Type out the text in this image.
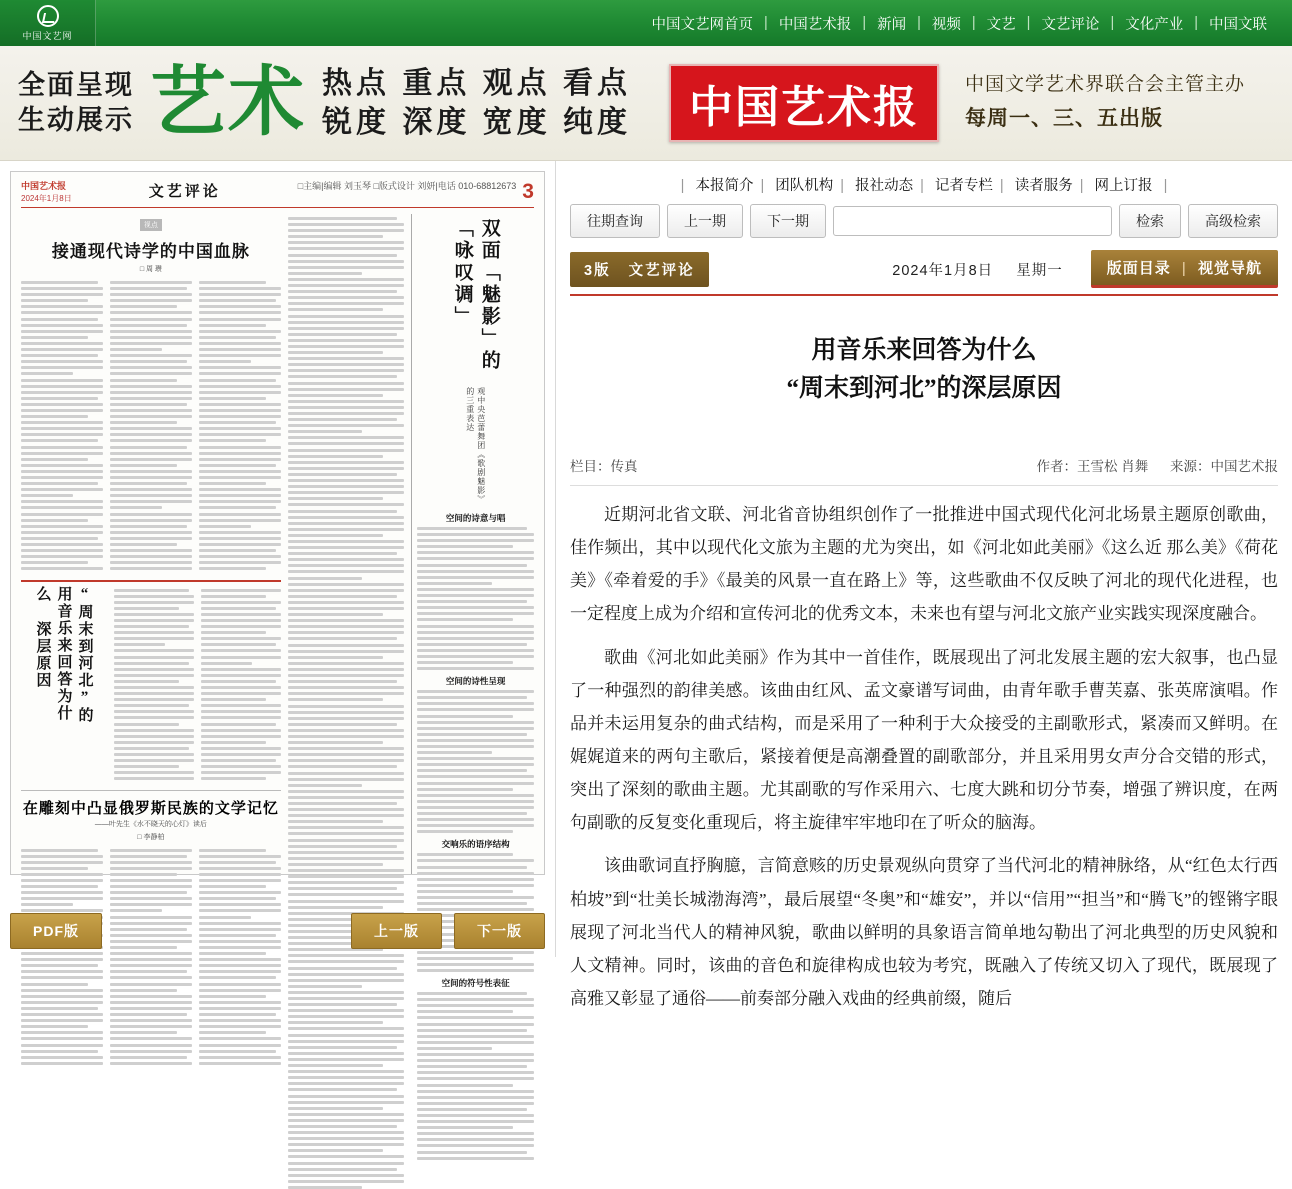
中国文艺网
中国文艺网首页 | 中国艺术报 | 新闻 | 视频 | 文艺 | 文艺评论 | 文化产业 | 中国文联
全面呈现
生动展示 艺术 热点 重点 观点 看点
锐度 深度 宽度 纯度	中国艺术报	中国文学艺术界联合会主管主办
每周一、三、五出版
中国艺术报
2024年1月8日	文艺评论	□主编|编辑 刘玉琴 □版式设计 刘妍|电话 010-68812673 3
视点
接通现代诗学的中国血脉
□ 周 瓒
“周末到河北”的 用音乐来回答为什么 深层原因
在雕刻中凸显俄罗斯民族的文学记忆
——叶先生《水不晓天的心灯》读后
□ 李静柏
双面「魅影」的「咏叹调」
观中央芭蕾舞团《歌剧魅影》的三重表达
空间的诗意与唱
空间的诗性呈现
交响乐的语序结构
空间的符号性表征
PDF版	上一版	下一版
| 本报简介 | 团队机构 | 报社动态 | 记者专栏 | 读者服务 | 网上订报 |
往期查询	上一期	下一期	检索	高级检索
3版 文艺评论	2024年1月8日 星期一	版面目录 | 视觉导航
用音乐来回答为什么
“周末到河北”的深层原因
栏目：传真	作者：王雪松 肖舞 来源：中国艺术报

近期河北省文联、河北省音协组织创作了一批推进中国式现代化河北场景主题原创歌曲，佳作频出，其中以现代化文旅为主题的尤为突出，如《河北如此美丽》《这么近 那么美》《荷花美》《牵着爱的手》《最美的风景一直在路上》等，这些歌曲不仅反映了河北的现代化进程，也一定程度上成为介绍和宣传河北的优秀文本，未来也有望与河北文旅产业实践实现深度融合。

歌曲《河北如此美丽》作为其中一首佳作，既展现出了河北发展主题的宏大叙事，也凸显了一种强烈的韵律美感。该曲由红风、孟文豪谱写词曲，由青年歌手曹芙嘉、张英席演唱。作品并未运用复杂的曲式结构，而是采用了一种利于大众接受的主副歌形式，紧凑而又鲜明。在娓娓道来的两句主歌后，紧接着便是高潮叠置的副歌部分，并且采用男女声分合交错的形式，突出了深刻的歌曲主题。尤其副歌的写作采用六、七度大跳和切分节奏，增强了辨识度，在两句副歌的反复变化重现后，将主旋律牢牢地印在了听众的脑海。

该曲歌词直抒胸臆，言简意赅的历史景观纵向贯穿了当代河北的精神脉络，从“红色太行西柏坡”到“壮美长城渤海湾”，最后展望“冬奥”和“雄安”，并以“信用”“担当”和“腾飞”的铿锵字眼展现了河北当代人的精神风貌，歌曲以鲜明的具象语言简单地勾勒出了河北典型的历史风貌和人文精神。同时，该曲的音色和旋律构成也较为考究，既融入了传统又切入了现代，既展现了高雅又彰显了通俗——前奏部分融入戏曲的经典前缀，随后
